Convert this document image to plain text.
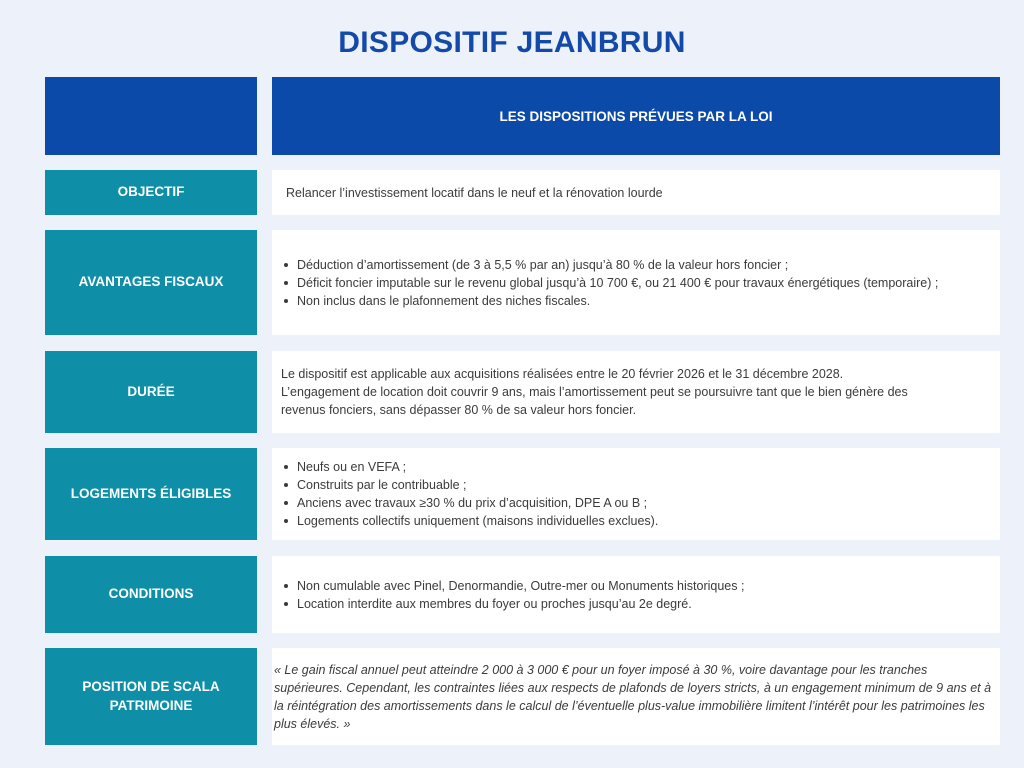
DISPOSITIF JEANBRUN
LES DISPOSITIONS PRÉVUES PAR LA LOI
OBJECTIF	Relancer l’investissement locatif dans le neuf et la rénovation lourde
AVANTAGES FISCAUX
Déduction d’amortissement (de 3 à 5,5 % par an) jusqu’à 80 % de la valeur hors foncier ;
Déficit foncier imputable sur le revenu global jusqu’à 10 700 €, ou 21 400 € pour travaux énergétiques (temporaire) ;
Non inclus dans le plafonnement des niches fiscales.
DURÉE
Le dispositif est applicable aux acquisitions réalisées entre le 20 février 2026 et le 31 décembre 2028. L’engagement de location doit couvrir 9 ans, mais l’amortissement peut se poursuivre tant que le bien génère des revenus fonciers, sans dépasser 80 % de sa valeur hors foncier.
LOGEMENTS ÉLIGIBLES
Neufs ou en VEFA ;
Construits par le contribuable ;
Anciens avec travaux ≥30 % du prix d’acquisition, DPE A ou B ;
Logements collectifs uniquement (maisons individuelles exclues).
CONDITIONS
Non cumulable avec Pinel, Denormandie, Outre-mer ou Monuments historiques ;
Location interdite aux membres du foyer ou proches jusqu’au 2e degré.
POSITION DE SCALA PATRIMOINE
« Le gain fiscal annuel peut atteindre 2 000 à 3 000 € pour un foyer imposé à 30 %, voire davantage pour les tranches supérieures. Cependant, les contraintes liées aux respects de plafonds de loyers stricts, à un engagement minimum de 9 ans et à la réintégration des amortissements dans le calcul de l’éventuelle plus-value immobilière limitent l’intérêt pour les patrimoines les plus élevés. »
